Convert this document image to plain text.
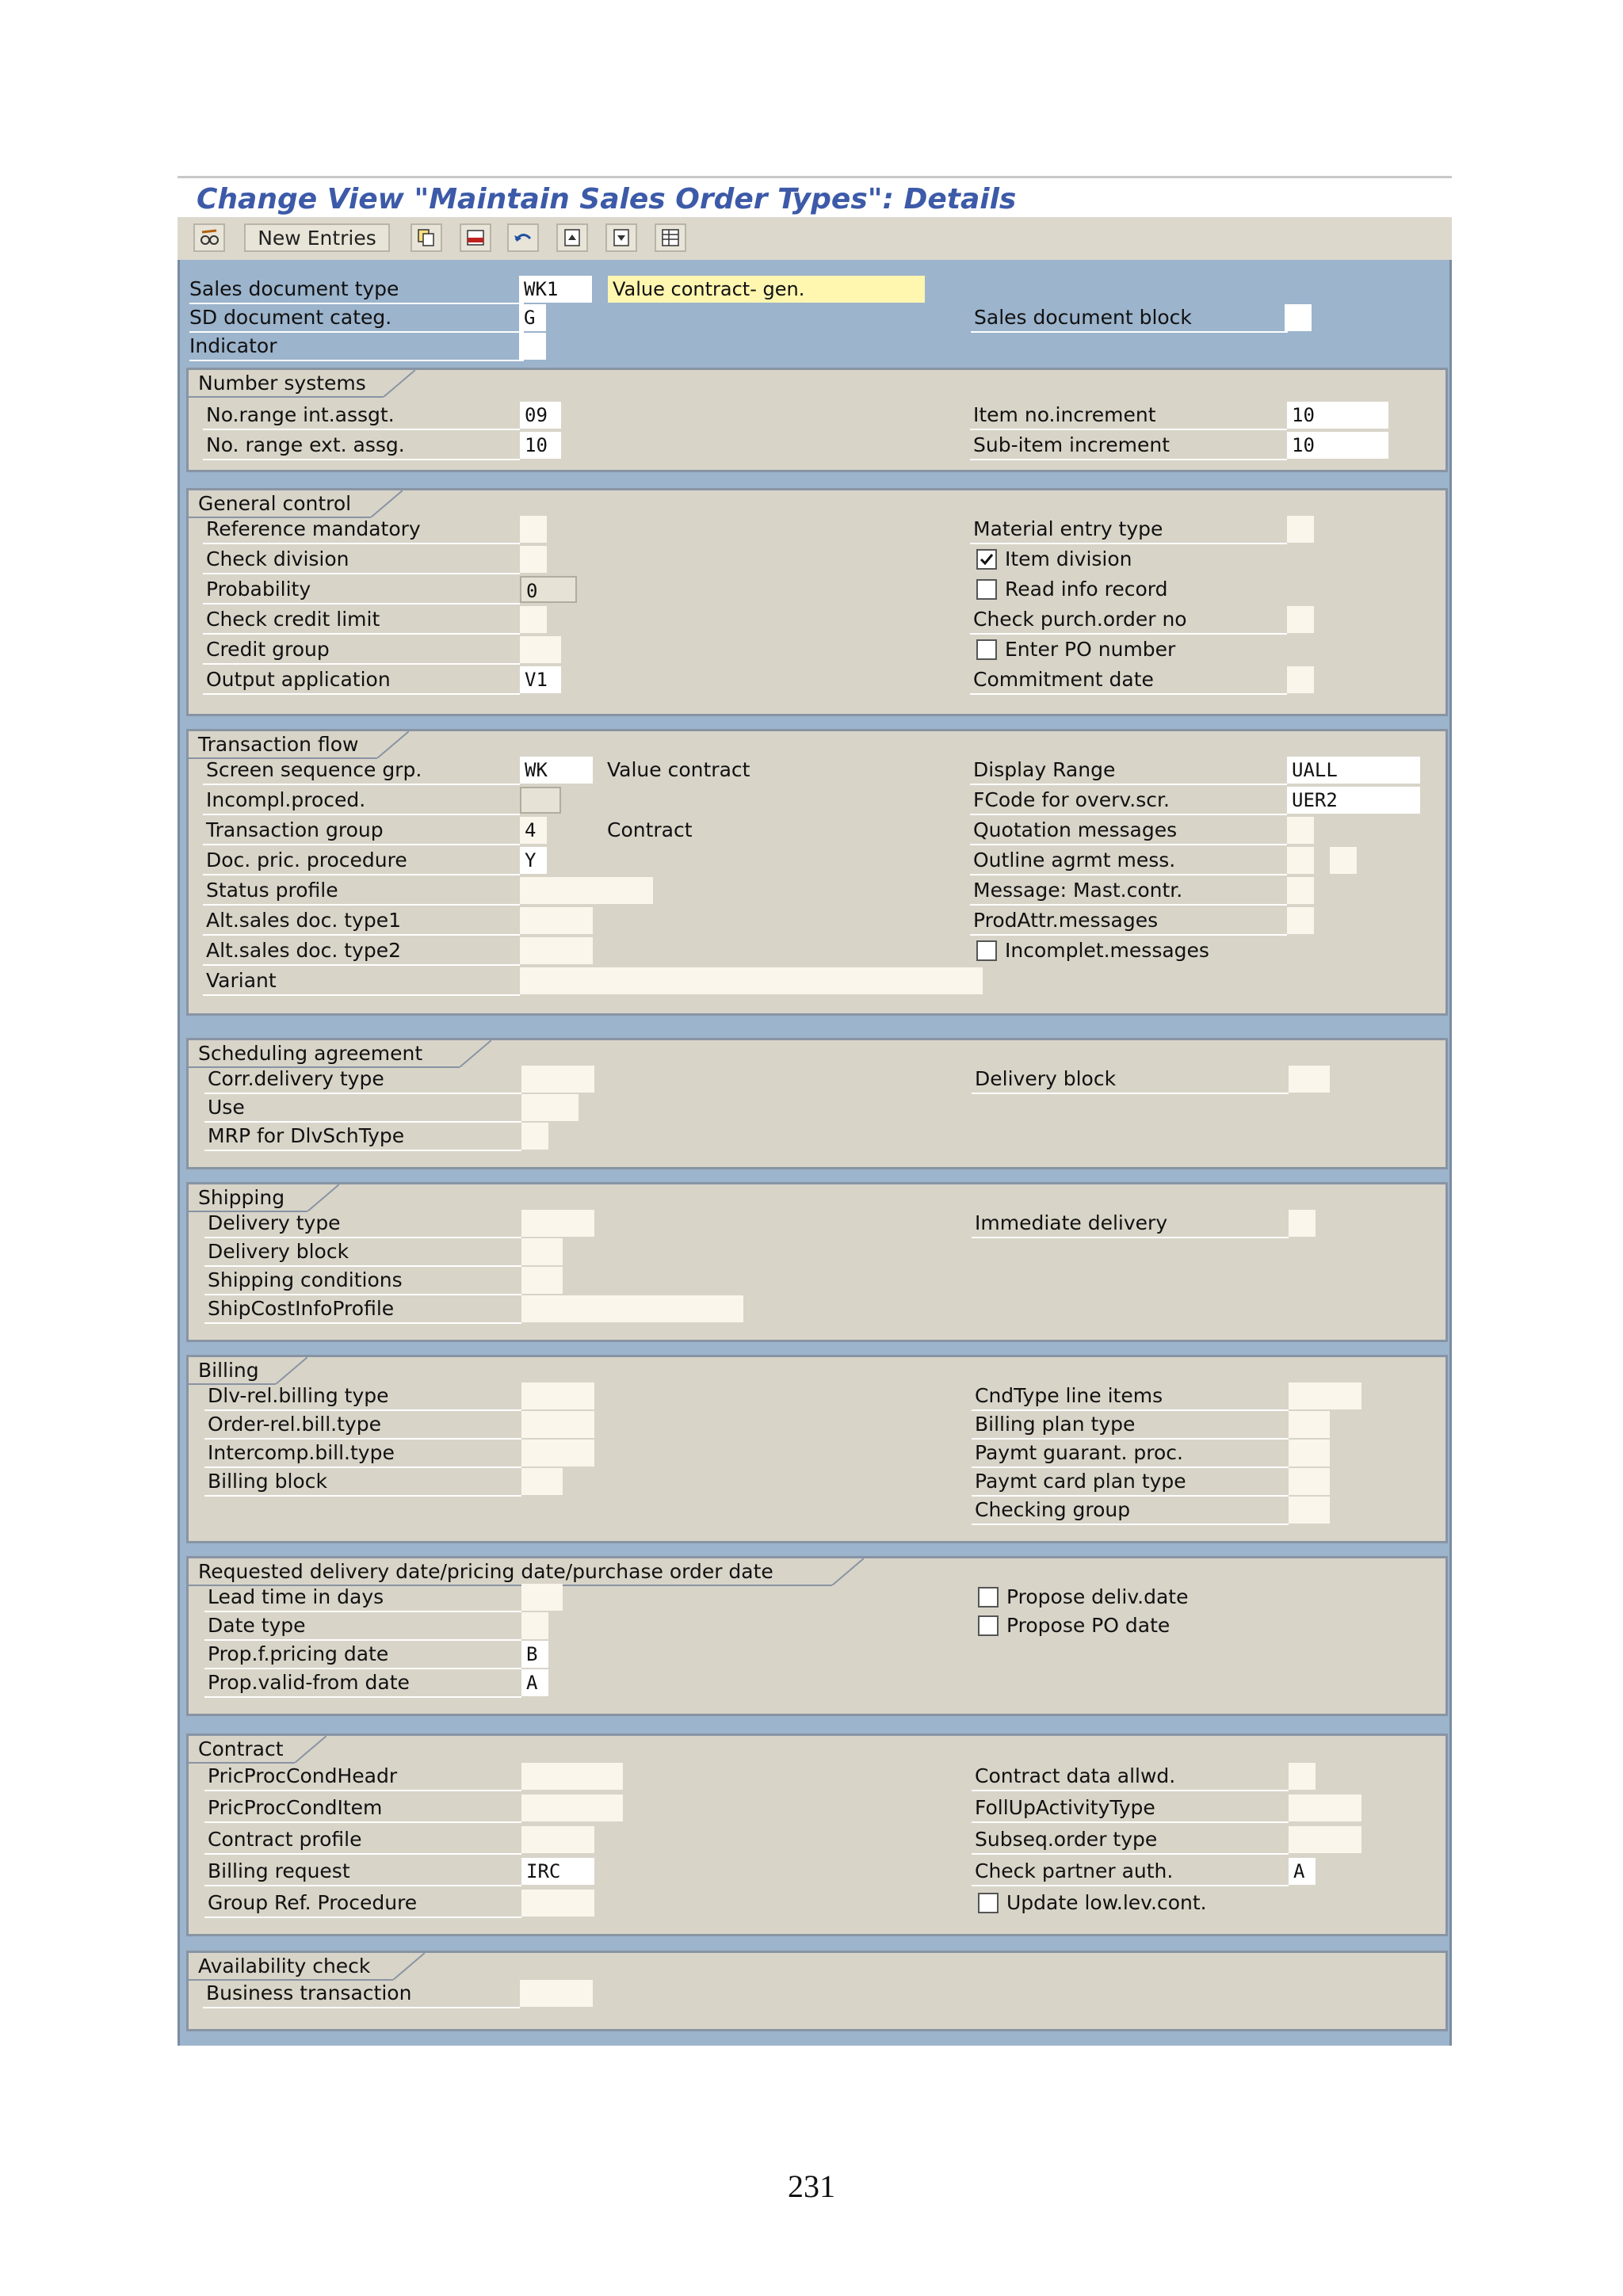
Change View "Maintain Sales Order Types": Details
New Entries
Sales document type	WK1	Value contract- gen.
SD document categ.	G
Indicator
Sales document block
Number systems
No.range int.assgt.	09
No. range ext. assg.	10
Item no.increment	10
Sub-item increment	10
General control
Reference mandatory
Check division
Probability	0
Check credit limit
Credit group
Output application	V1
Material entry type
Item division
Read info record
Check purch.order no
Enter PO number
Commitment date
Transaction flow
Screen sequence grp.	WK	Value contract
Incompl.proced.
Transaction group	4	Contract
Doc. pric. procedure	Y
Status profile
Alt.sales doc. type1
Alt.sales doc. type2
Variant
Display Range	UALL
FCode for overv.scr.	UER2
Quotation messages
Outline agrmt mess.
Message: Mast.contr.
ProdAttr.messages
Incomplet.messages
Scheduling agreement
Corr.delivery type
Use
MRP for DlvSchType
Delivery block
Shipping
Delivery type
Delivery block
Shipping conditions
ShipCostInfoProfile
Immediate delivery
Billing
Dlv-rel.billing type
Order-rel.bill.type
Intercomp.bill.type
Billing block
CndType line items
Billing plan type
Paymt guarant. proc.
Paymt card plan type
Checking group
Requested delivery date/pricing date/purchase order date
Lead time in days
Date type
Prop.f.pricing date	B
Prop.valid-from date	A
Propose deliv.date
Propose PO date
Contract
PricProcCondHeadr
PricProcCondItem
Contract profile
Billing request	IRC
Group Ref. Procedure
Contract data allwd.
FollUpActivityType
Subseq.order type
Check partner auth.	A
Update low.lev.cont.
Availability check
Business transaction
231
